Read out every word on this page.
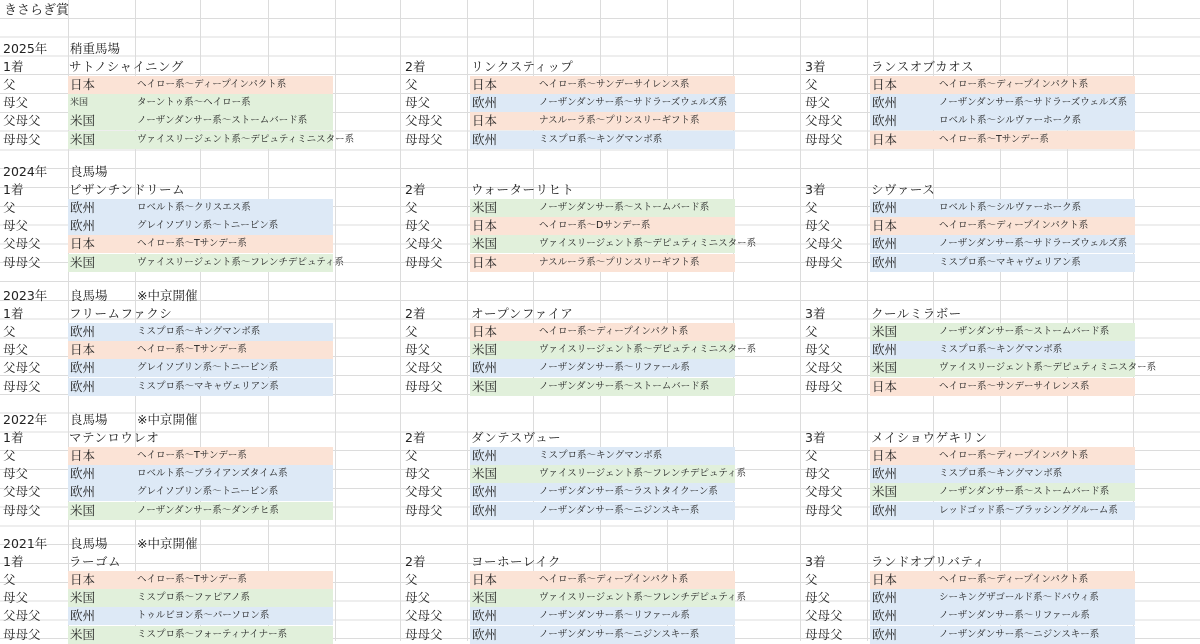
きさらぎ賞
2025年 稍重馬場
1着	サトノシャイニング
父	日本	ヘイロー系〜ディープインパクト系
母父	米国	ターントゥ系〜ヘイロー系
父母父 米国	ノーザンダンサー系〜ストームバード系
母母父 米国	ヴァイスリージェント系〜デピュティミニスター系
2着	リンクスティップ
父	日本	ヘイロー系〜サンデーサイレンス系
母父	欧州	ノーザンダンサー系〜サドラーズウェルズ系
父母父 日本	ナスルーラ系〜プリンスリーギフト系
母母父 欧州	ミスプロ系〜キングマンボ系
3着	ランスオブカオス
父	日本	ヘイロー系〜ディープインパクト系
母父	欧州	ノーザンダンサー系〜サドラーズウェルズ系
父母父 欧州	ロベルト系〜シルヴァーホーク系
母母父 日本	ヘイロー系〜Tサンデー系
2024年 良馬場
1着	ビザンチンドリーム
父	欧州	ロベルト系〜クリスエス系
母父	欧州	グレイソブリン系〜トニービン系
父母父 日本	ヘイロー系〜Tサンデー系
母母父 米国	ヴァイスリージェント系〜フレンチデピュティ系
2着	ウォーターリヒト
父	米国	ノーザンダンサー系〜ストームバード系
母父	日本	ヘイロー系〜Dサンデー系
父母父 米国	ヴァイスリージェント系〜デピュティミニスター系
母母父 日本	ナスルーラ系〜プリンスリーギフト系
3着	シヴァース
父	欧州	ロベルト系〜シルヴァーホーク系
母父	日本	ヘイロー系〜ディープインパクト系
父母父 欧州	ノーザンダンサー系〜サドラーズウェルズ系
母母父 欧州	ミスプロ系〜マキャヴェリアン系
2023年 良馬場 ※中京開催
1着	フリームファクシ
父	欧州	ミスプロ系〜キングマンボ系
母父	日本	ヘイロー系〜Tサンデー系
父母父 欧州	グレイソブリン系〜トニービン系
母母父 欧州	ミスプロ系〜マキャヴェリアン系
2着	オープンファイア
父	日本	ヘイロー系〜ディープインパクト系
母父	米国	ヴァイスリージェント系〜デピュティミニスター系
父母父 欧州	ノーザンダンサー系〜リファール系
母母父 米国	ノーザンダンサー系〜ストームバード系
3着	クールミラボー
父	米国	ノーザンダンサー系〜ストームバード系
母父	欧州	ミスプロ系〜キングマンボ系
父母父 米国	ヴァイスリージェント系〜デピュティミニスター系
母母父 日本	ヘイロー系〜サンデーサイレンス系
2022年 良馬場 ※中京開催
1着	マテンロウレオ
父	日本	ヘイロー系〜Tサンデー系
母父	欧州	ロベルト系〜ブライアンズタイム系
父母父 欧州	グレイソブリン系〜トニービン系
母母父 米国	ノーザンダンサー系〜ダンチヒ系
2着	ダンテスヴュー
父	欧州	ミスプロ系〜キングマンボ系
母父	米国	ヴァイスリージェント系〜フレンチデピュティ系
父母父 欧州	ノーザンダンサー系〜ラストタイクーン系
母母父 欧州	ノーザンダンサー系〜ニジンスキー系
3着	メイショウゲキリン
父	日本	ヘイロー系〜ディープインパクト系
母父	欧州	ミスプロ系〜キングマンボ系
父母父 米国	ノーザンダンサー系〜ストームバード系
母母父 欧州	レッドゴッド系〜ブラッシンググルーム系
2021年 良馬場 ※中京開催
1着	ラーゴム
父	日本	ヘイロー系〜Tサンデー系
母父	米国	ミスプロ系〜ファピアノ系
父母父 欧州	トゥルビヨン系〜パーソロン系
母母父 米国	ミスプロ系〜フォーティナイナー系
2着	ヨーホーレイク
父	日本	ヘイロー系〜ディープインパクト系
母父	米国	ヴァイスリージェント系〜フレンチデピュティ系
父母父 欧州	ノーザンダンサー系〜リファール系
母母父 欧州	ノーザンダンサー系〜ニジンスキー系
3着	ランドオブリバティ
父	日本	ヘイロー系〜ディープインパクト系
母父	欧州	シーキングザゴールド系〜ドバウィ系
父母父 欧州	ノーザンダンサー系〜リファール系
母母父 欧州	ノーザンダンサー系〜ニジンスキー系
